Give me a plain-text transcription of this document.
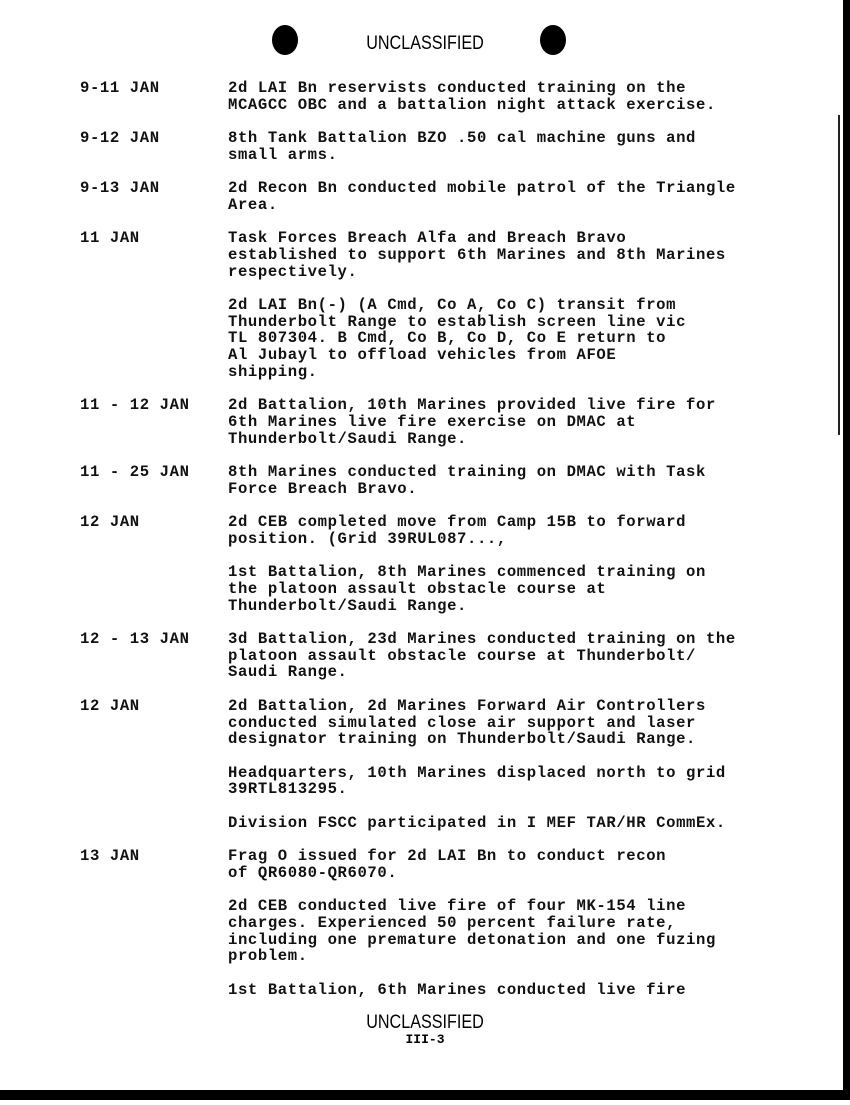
UNCLASSIFIED
9-11 JAN	2d LAI Bn reservists conducted training on the
MCAGCC OBC and a battalion night attack exercise.
9-12 JAN	8th Tank Battalion BZO .50 cal machine guns and
small arms.
9-13 JAN	2d Recon Bn conducted mobile patrol of the Triangle
Area.
11 JAN	Task Forces Breach Alfa and Breach Bravo
established to support 6th Marines and 8th Marines
respectively.
2d LAI Bn(-) (A Cmd, Co A, Co C) transit from
Thunderbolt Range to establish screen line vic
TL 807304. B Cmd, Co B, Co D, Co E return to
Al Jubayl to offload vehicles from AFOE
shipping.
11 - 12 JAN	2d Battalion, 10th Marines provided live fire for
6th Marines live fire exercise on DMAC at
Thunderbolt/Saudi Range.
11 - 25 JAN	8th Marines conducted training on DMAC with Task
Force Breach Bravo.
12 JAN	2d CEB completed move from Camp 15B to forward
position. (Grid 39RUL087...,
1st Battalion, 8th Marines commenced training on
the platoon assault obstacle course at
Thunderbolt/Saudi Range.
12 - 13 JAN	3d Battalion, 23d Marines conducted training on the
platoon assault obstacle course at Thunderbolt/
Saudi Range.
12 JAN	2d Battalion, 2d Marines Forward Air Controllers
conducted simulated close air support and laser
designator training on Thunderbolt/Saudi Range.
Headquarters, 10th Marines displaced north to grid
39RTL813295.
Division FSCC participated in I MEF TAR/HR CommEx.
13 JAN	Frag O issued for 2d LAI Bn to conduct recon
of QR6080-QR6070.
2d CEB conducted live fire of four MK-154 line
charges. Experienced 50 percent failure rate,
including one premature detonation and one fuzing
problem.
1st Battalion, 6th Marines conducted live fire
UNCLASSIFIED
III-3
